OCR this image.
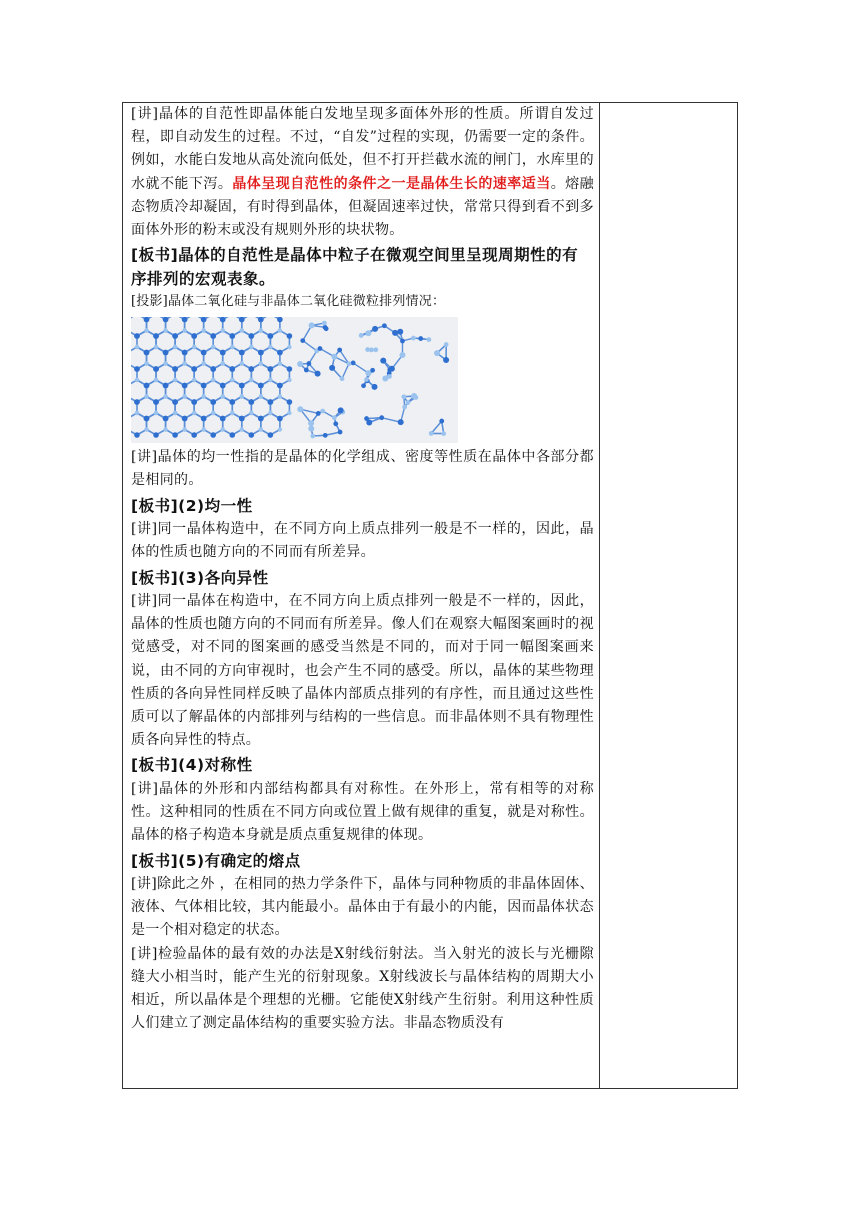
[讲]晶体的自范性即晶体能白发地呈现多面体外形的性质。所谓自发过程，即自动发生的过程。不过，“自发”过程的实现，仍需要一定的条件。例如，水能白发地从高处流向低处，但不打开拦截水流的闸门，水库里的水就不能下泻。晶体呈现自范性的条件之一是晶体生长的速率适当。熔融态物质冷却凝固，有时得到晶体，但凝固速率过快，常常只得到看不到多面体外形的粉末或没有规则外形的块状物。

[板书]晶体的自范性是晶体中粒子在微观空间里呈现周期性的有序排列的宏观表象。

[投影]晶体二氧化硅与非晶体二氧化硅微粒排列情况：

[讲]晶体的均一性指的是晶体的化学组成、密度等性质在晶体中各部分都是相同的。

[板书](2)均一性

[讲]同一晶体构造中，在不同方向上质点排列一般是不一样的，因此，晶体的性质也随方向的不同而有所差异。

[板书](3)各向异性

[讲]同一晶体在构造中，在不同方向上质点排列一般是不一样的，因此，晶体的性质也随方向的不同而有所差异。像人们在观察大幅图案画时的视觉感受，对不同的图案画的感受当然是不同的，而对于同一幅图案画来说，由不同的方向审视时，也会产生不同的感受。所以，晶体的某些物理性质的各向异性同样反映了晶体内部质点排列的有序性，而且通过这些性质可以了解晶体的内部排列与结构的一些信息。而非晶体则不具有物理性质各向异性的特点。

[板书](4)对称性

[讲]晶体的外形和内部结构都具有对称性。在外形上，常有相等的对称性。这种相同的性质在不同方向或位置上做有规律的重复，就是对称性。晶体的格子构造本身就是质点重复规律的体现。

[板书](5)有确定的熔点

[讲]除此之外 ，在相同的热力学条件下，晶体与同种物质的非晶体固体、液体、气体相比较，其内能最小。晶体由于有最小的内能，因而晶体状态是一个相对稳定的状态。

[讲]检验晶体的最有效的办法是X射线衍射法。当入射光的波长与光栅隙缝大小相当时，能产生光的衍射现象。X射线波长与晶体结构的周期大小相近，所以晶体是个理想的光栅。它能使X射线产生衍射。利用这种性质人们建立了测定晶体结构的重要实验方法。非晶态物质没有
